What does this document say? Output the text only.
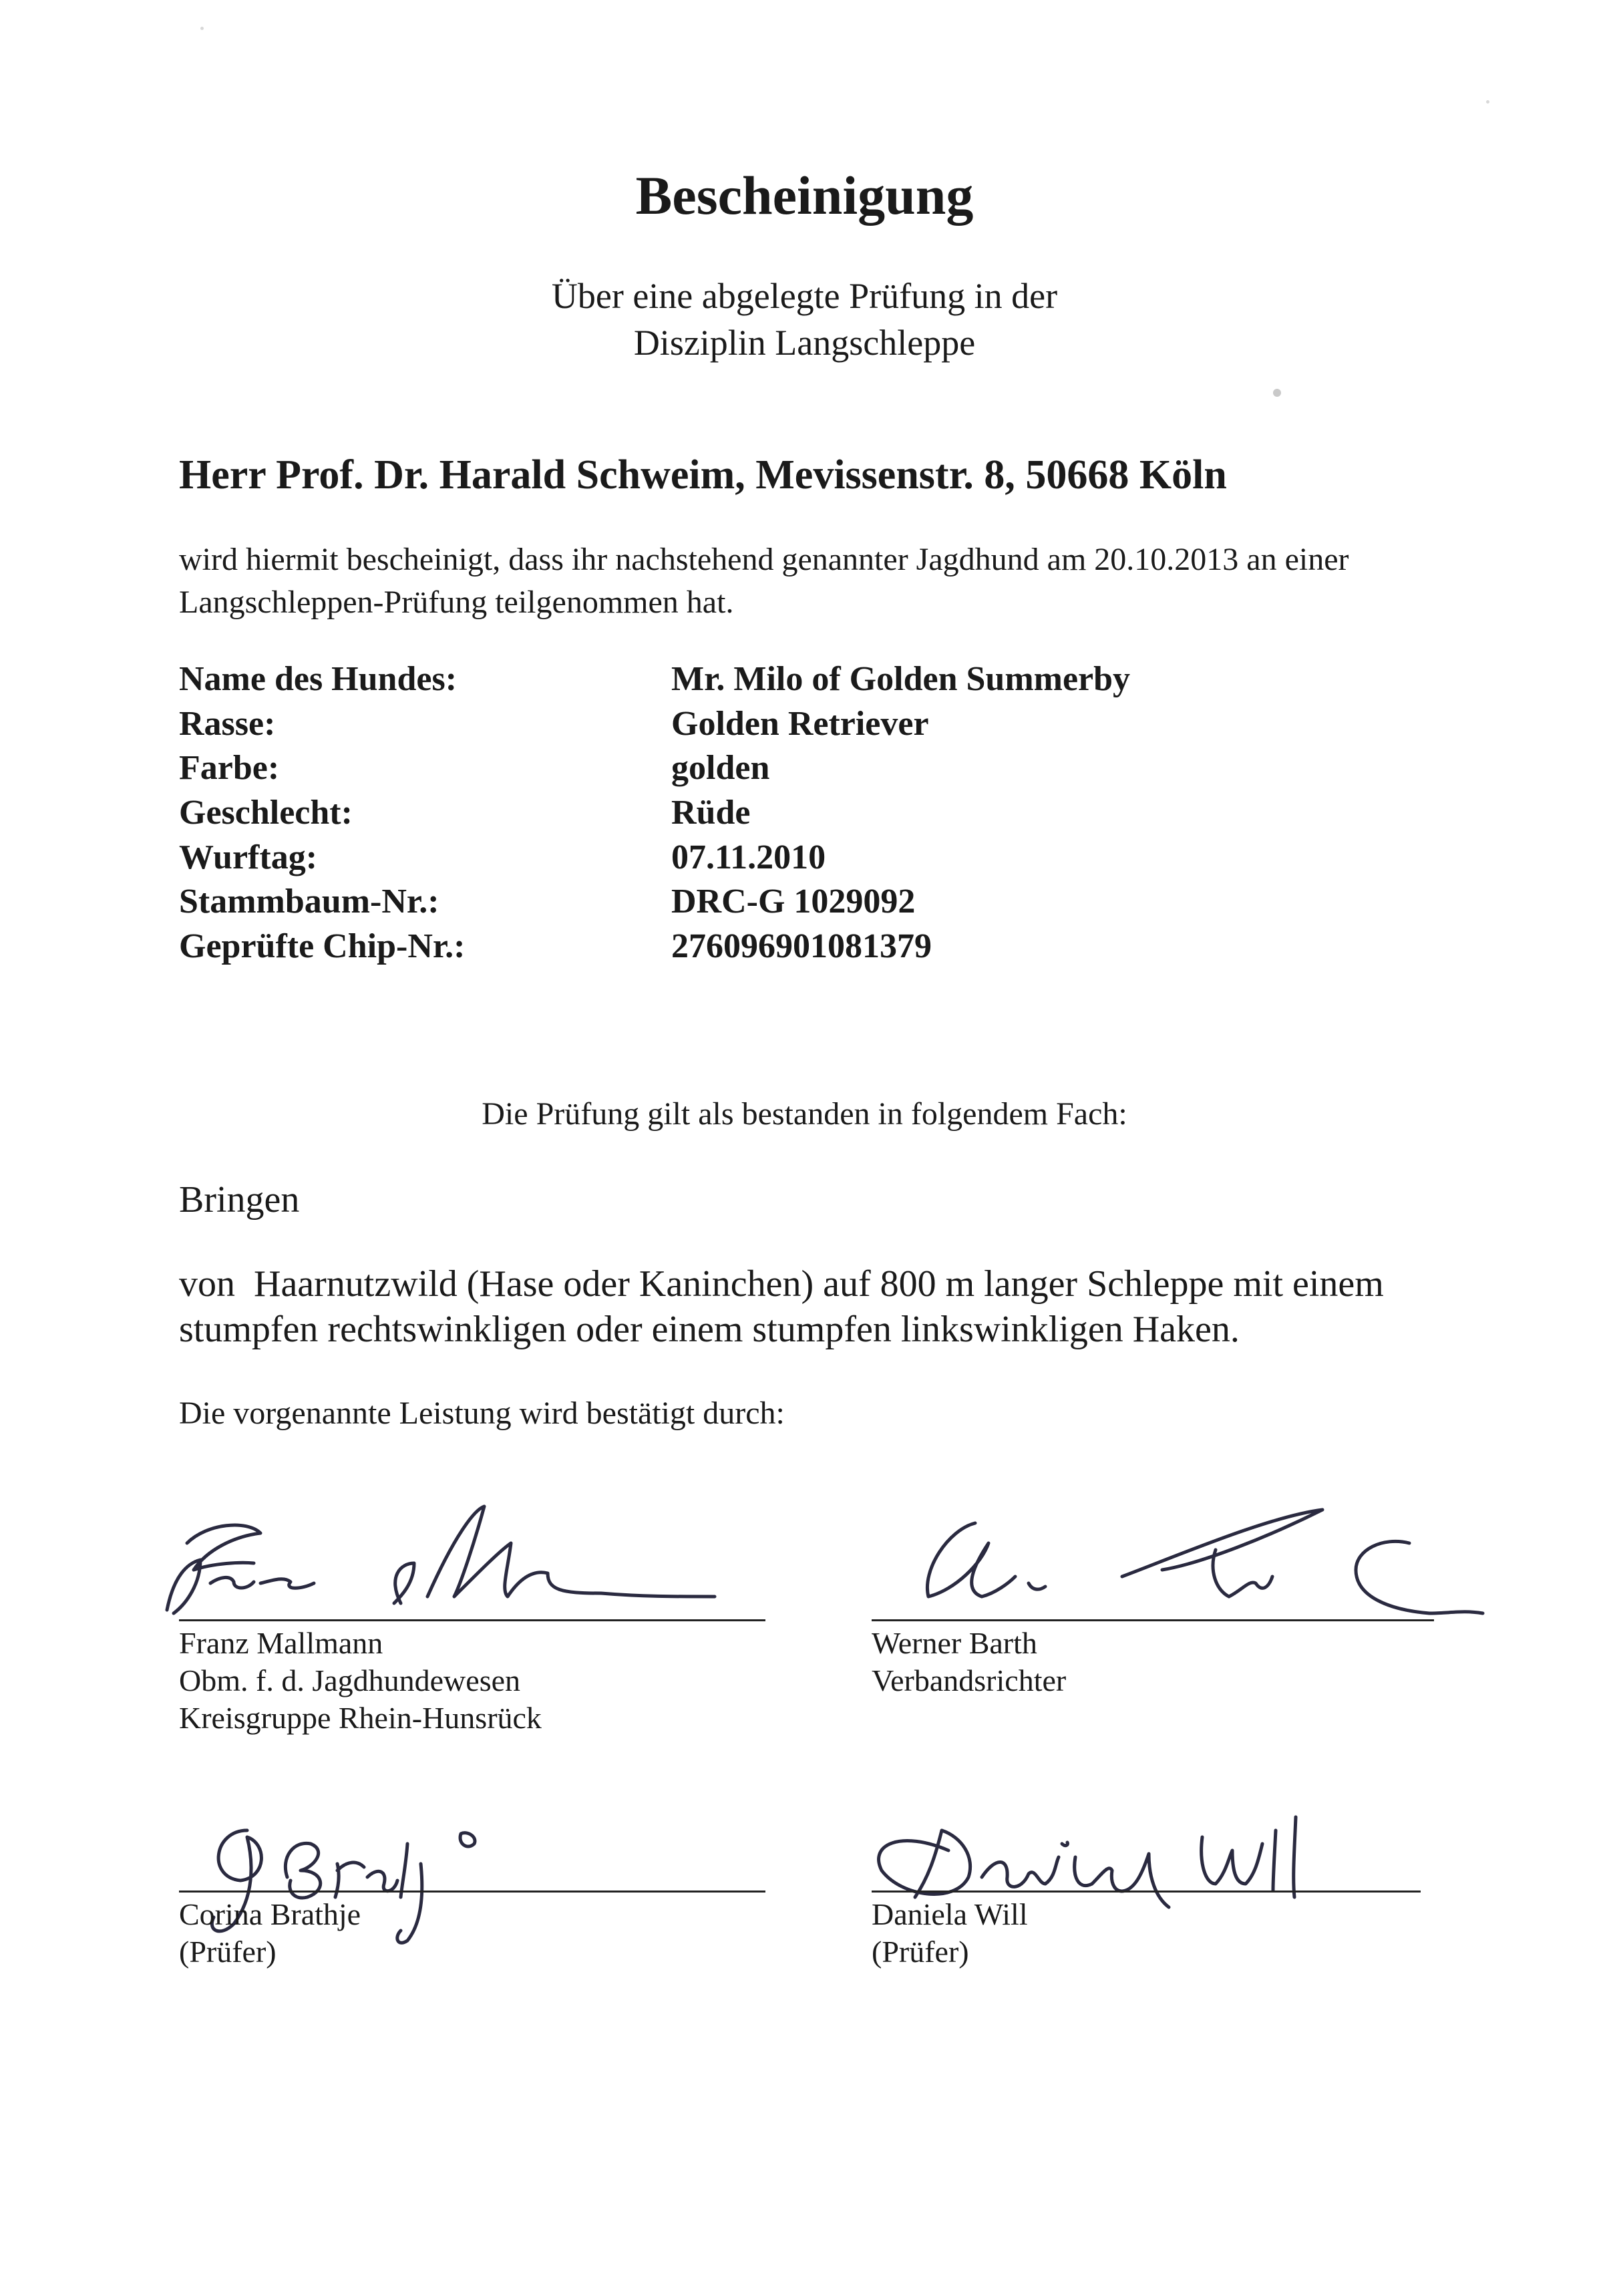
Bescheinigung
Über eine abgelegte Prüfung in der
Disziplin Langschleppe
Herr Prof. Dr. Harald Schweim, Mevissenstr. 8, 50668 Köln
wird hiermit bescheinigt, dass ihr nachstehend genannter Jagdhund am 20.10.2013 an einer
Langschleppen-Prüfung teilgenommen hat.
Name des Hundes:	Mr. Milo of Golden Summerby
Rasse:	Golden Retriever
Farbe:	golden
Geschlecht:	Rüde
Wurftag:	07.11.2010
Stammbaum-Nr.:	DRC-G 1029092
Geprüfte Chip-Nr.:	276096901081379
Die Prüfung gilt als bestanden in folgendem Fach:
Bringen
von  Haarnutzwild (Hase oder Kaninchen) auf 800 m langer Schleppe mit einem
stumpfen rechtswinkligen oder einem stumpfen linkswinkligen Haken.
Die vorgenannte Leistung wird bestätigt durch:
Franz Mallmann
Obm. f. d. Jagdhundewesen
Kreisgruppe Rhein-Hunsrück
Werner Barth
Verbandsrichter
Corina Brathje
(Prüfer)
Daniela Will
(Prüfer)
